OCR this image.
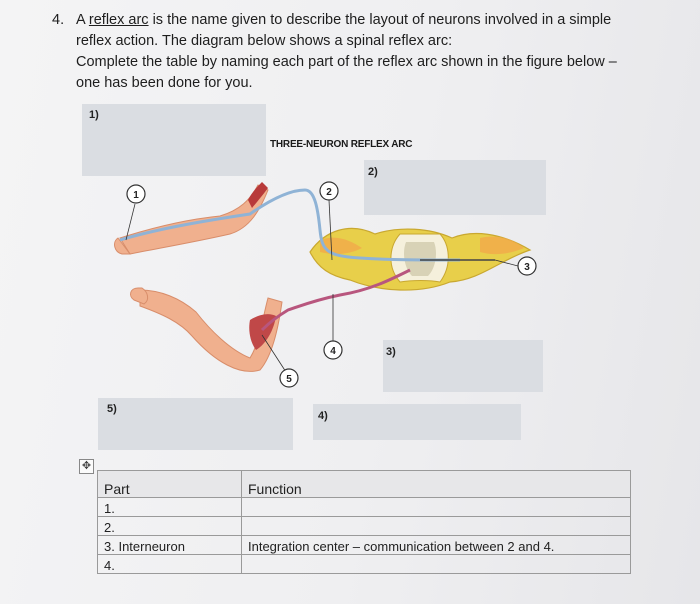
4. A reflex arc is the name given to describe the layout of neurons involved in a simple
reflex action. The diagram below shows a spinal reflex arc:
Complete the table by naming each part of the reflex arc shown in the figure below –
one has been done for you.
1)
2)
3)
5)
4)
THREE-NEURON REFLEX ARC
1	2
3
4
5
✥
Part	Function
1.	
2.	
3. Interneuron	Integration center – communication between 2 and 4.
4.	
